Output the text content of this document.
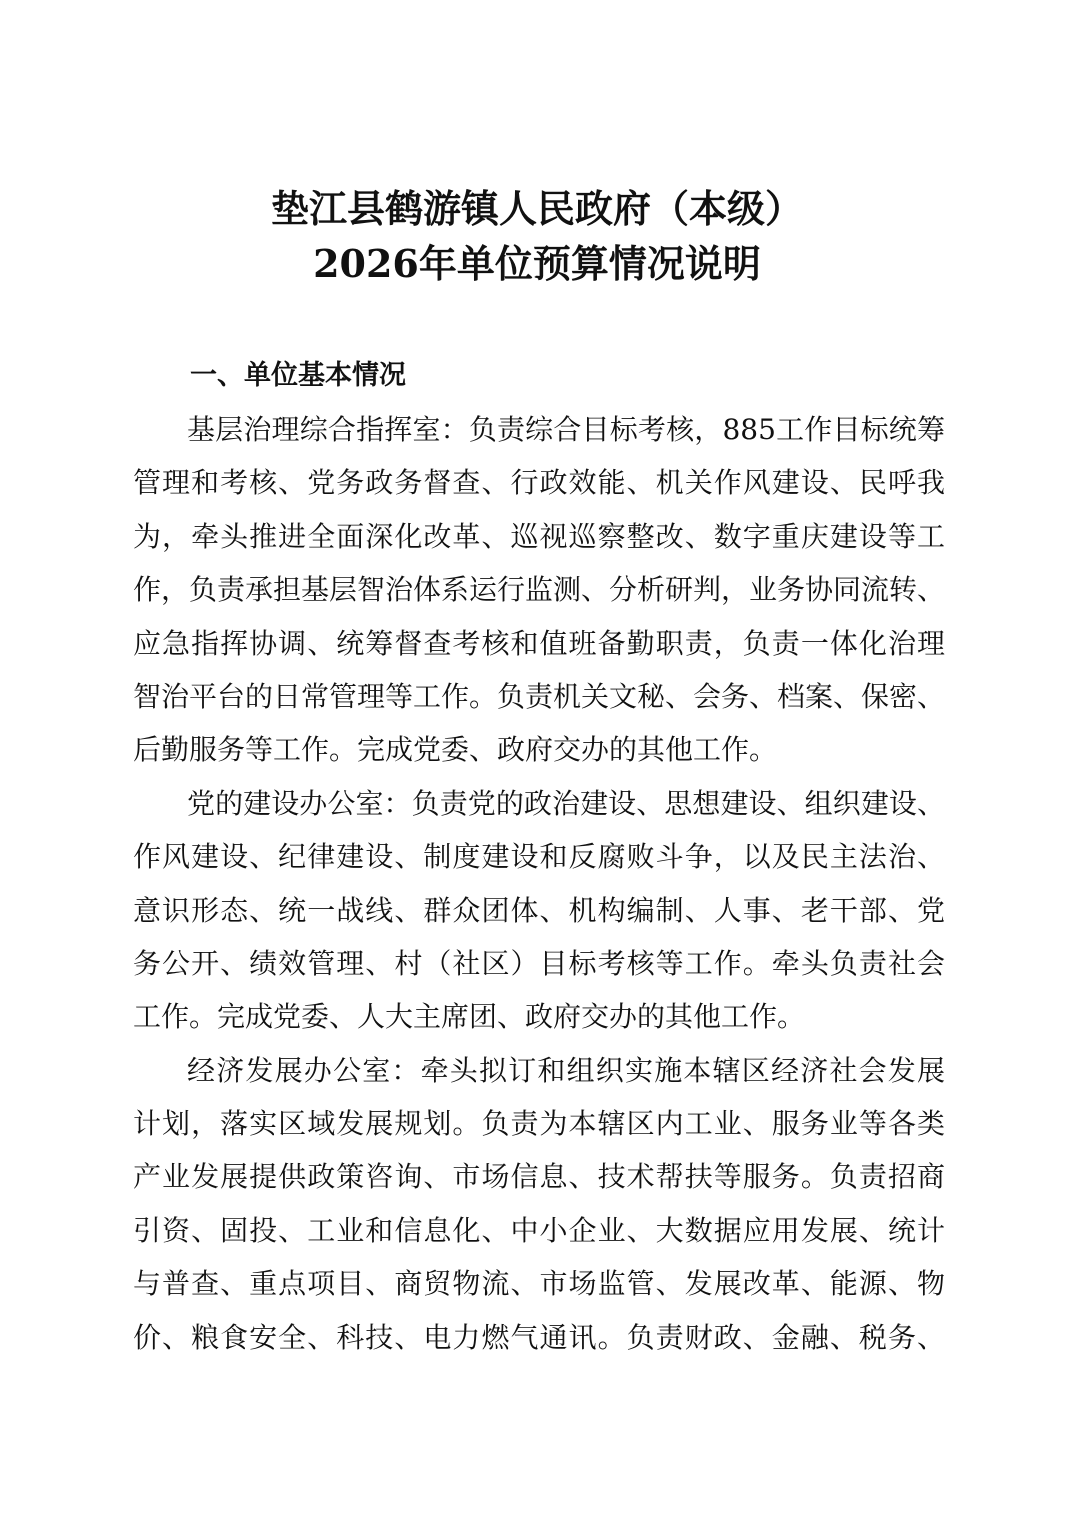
垫江县鹤游镇人民政府（本级）
2026年单位预算情况说明
一、单位基本情况
基层治理综合指挥室：负责综合目标考核，885工作目标统筹
管理和考核、党务政务督查、行政效能、机关作风建设、民呼我
为，牵头推进全面深化改革、巡视巡察整改、数字重庆建设等工
作，负责承担基层智治体系运行监测、分析研判，业务协同流转、
应急指挥协调、统筹督查考核和值班备勤职责，负责一体化治理
智治平台的日常管理等工作。负责机关文秘、会务、档案、保密、
后勤服务等工作。完成党委、政府交办的其他工作。
党的建设办公室：负责党的政治建设、思想建设、组织建设、
作风建设、纪律建设、制度建设和反腐败斗争，以及民主法治、
意识形态、统一战线、群众团体、机构编制、人事、老干部、党
务公开、绩效管理、村（社区）目标考核等工作。牵头负责社会
工作。完成党委、人大主席团、政府交办的其他工作。
经济发展办公室：牵头拟订和组织实施本辖区经济社会发展
计划，落实区域发展规划。负责为本辖区内工业、服务业等各类
产业发展提供政策咨询、市场信息、技术帮扶等服务。负责招商
引资、固投、工业和信息化、中小企业、大数据应用发展、统计
与普查、重点项目、商贸物流、市场监管、发展改革、能源、物
价、粮食安全、科技、电力燃气通讯。负责财政、金融、税务、
